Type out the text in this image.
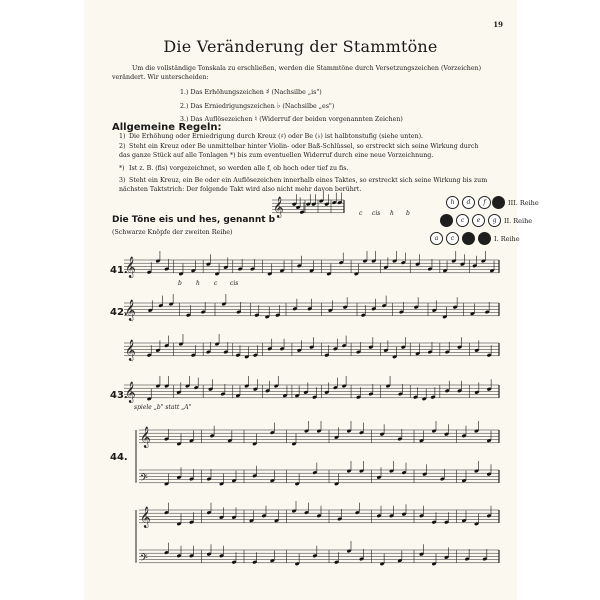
19
Die Veränderung der Stammtöne
Um die vollständige Tonskala zu erschließen, werden die Stammtöne durch Versetzungszeichen (Vorzeichen) verändert. Wir unterscheiden:
1.) Das Erhöhungszeichen ♯ (Nachsilbe „is")
2.) Das Erniedrigungszeichen ♭ (Nachsilbe „es")
3.) Das Auflösezeichen ♮ (Widerruf der beiden vorgenannten Zeichen)
Allgemeine Regeln:
1) Die Erhöhung oder Erniedrigung durch Kreuz (♯) oder Be (♭) ist halbtonstufig (siehe unten).
2) Steht ein Kreuz oder Be unmittelbar hinter Violin- oder Baß-Schlüssel, so erstreckt sich seine Wirkung durch das ganze Stück auf alle Tonlagen *) bis zum eventuellen Widerruf durch eine neue Vorzeichnung.
*) Ist z. B. (fis) vorgezeichnet, so werden alle f, ob hoch oder tief zu fis.
3) Steht ein Kreuz, ein Be oder ein Auflösezeichen innerhalb eines Taktes, so erstreckt sich seine Wirkung bis zum nächsten Taktstrich: Der folgende Takt wird also nicht mehr davon berührt.
Die Töne eis und hes, genannt b
(Schwarze Knöpfe der zweiten Reihe)
h	d	f	III. Reihe
b	c	e	g	II. Reihe
a	c	I. Reihe
41.
42.
43.
44.
b h c cis
spiele „b" statt „A"
c cis h b
𝄞
𝄞
𝄞
𝄞
𝄞
𝄞
𝄢
𝄞
𝄢
